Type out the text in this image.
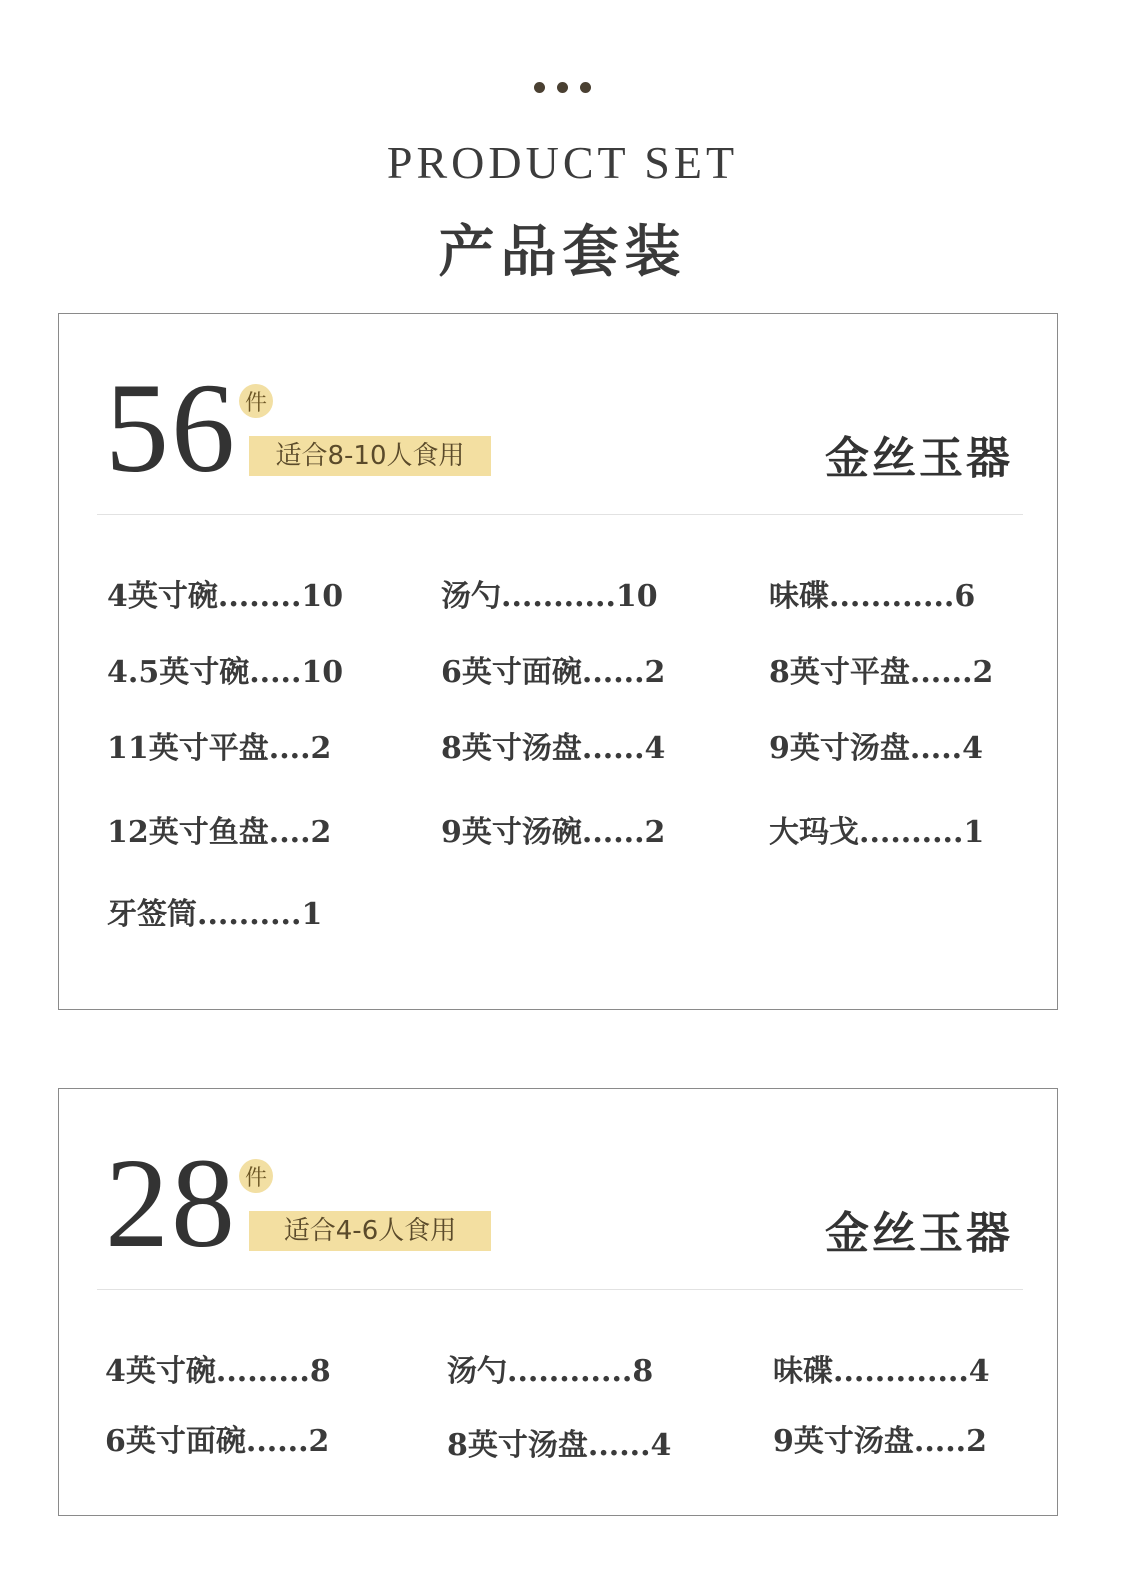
PRODUCT SET
产品套装
56 件
适合8-10人食用	金丝玉器
4英寸碗........10	汤勺...........10	味碟............6
4.5英寸碗.....10	6英寸面碗......2	8英寸平盘......2
11英寸平盘....2	8英寸汤盘......4	9英寸汤盘.....4
12英寸鱼盘....2	9英寸汤碗......2	大玛戈..........1
牙签筒..........1
28 件
适合4-6人食用	金丝玉器
4英寸碗.........8	汤勺............8	味碟.............4
6英寸面碗......2	8英寸汤盘......4	9英寸汤盘.....2
